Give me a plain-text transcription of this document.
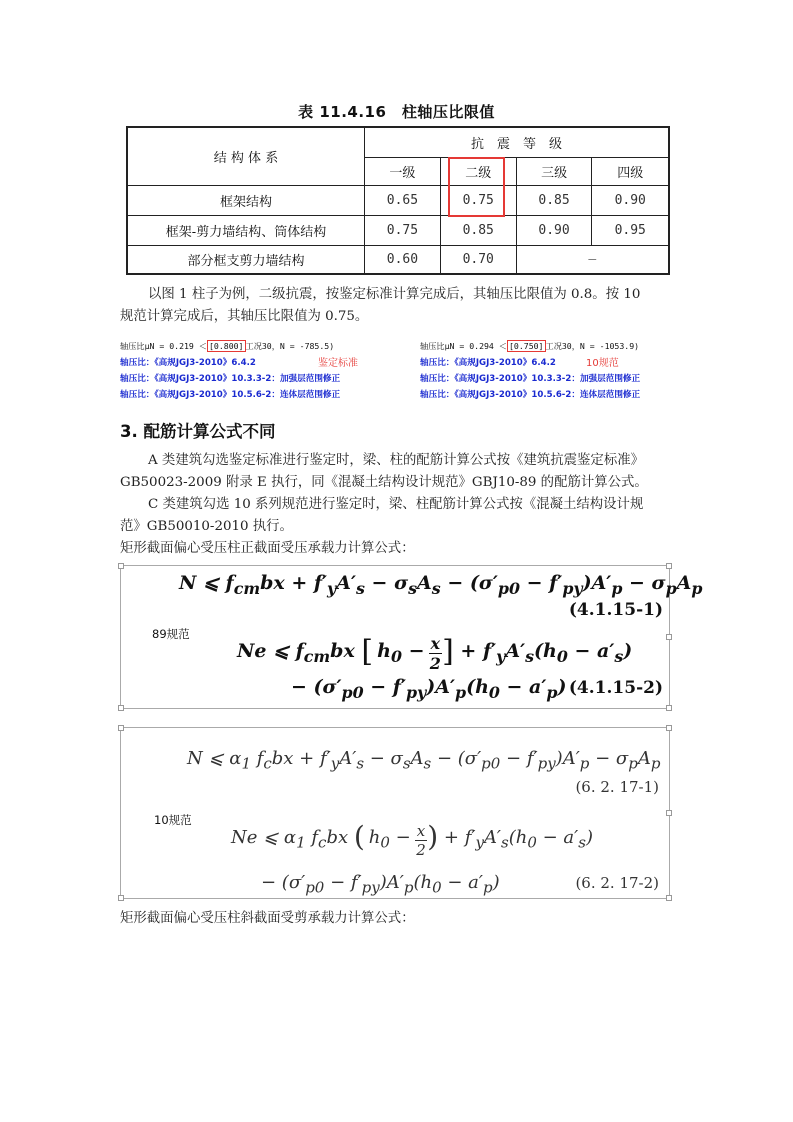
表 11.4.16　柱轴压比限值
结 构 体 系	抗　震　等　级			
	一级	二级	三级	四级
框架结构	0.65	0.75	0.85	0.90
框架-剪力墙结构、筒体结构	0.75	0.85	0.90	0.95
部分框支剪力墙结构	0.60	0.70	—	
以图 1 柱子为例，二级抗震，按鉴定标准计算完成后，其轴压比限值为 0.8。按 10
规范计算完成后，其轴压比限值为 0.75。
轴压比μN = 0.219 ＜ [0.800] 工况30，N = -785.5)
轴压比：《高规JGJ3-2010》6.4.2	鉴定标准
轴压比：《高规JGJ3-2010》10.3.3-2：加强层范围修正
轴压比：《高规JGJ3-2010》10.5.6-2：连体层范围修正
轴压比μN = 0.294 ＜ [0.750] 工况30，N = -1053.9)
轴压比：《高规JGJ3-2010》6.4.2	10规范
轴压比：《高规JGJ3-2010》10.3.3-2：加强层范围修正
轴压比：《高规JGJ3-2010》10.5.6-2：连体层范围修正
3. 配筋计算公式不同
A 类建筑勾选鉴定标准进行鉴定时，梁、柱的配筋计算公式按《建筑抗震鉴定标准》
GB50023-2009 附录 E 执行，同《混凝土结构设计规范》GBJ10-89 的配筋计算公式。
C 类建筑勾选 10 系列规范进行鉴定时，梁、柱配筋计算公式按《混凝土结构设计规
范》GB50010-2010 执行。
矩形截面偏心受压柱正截面受压承载力计算公式：
N ⩽ $f_{cm}bx + f'_yA'_s - \sigma_sA_s - (\sigma'_{p0} - f'_{py})A'_p - \sigma_pA_p$
(4.1.15-1)
89规范
Ne ⩽ $f_{cm}bx$ [ $h_0 - \frac{x}{2}$ ] + $f'_yA'_s(h_0 - a'_s)$
− $(\sigma'_{p0} - f'_{py})A'_p(h_0 - a'_p)$ (4.1.15-2)
N ⩽ $\alpha_1$ $f_cbx + f'_yA'_s - \sigma_sA_s - (\sigma'_{p0} - f'_{py})A'_p - \sigma_pA_p$
(6. 2. 17-1)
10规范
Ne ⩽ $\alpha_1$ $f_cbx$ ( $h_0 - \frac{x}{2}$ ) + $f'_yA'_s(h_0 - a'_s)$
− $(\sigma'_{p0} - f'_{py})A'_p(h_0 - a'_p)$	(6. 2. 17-2)
矩形截面偏心受压柱斜截面受剪承载力计算公式：
